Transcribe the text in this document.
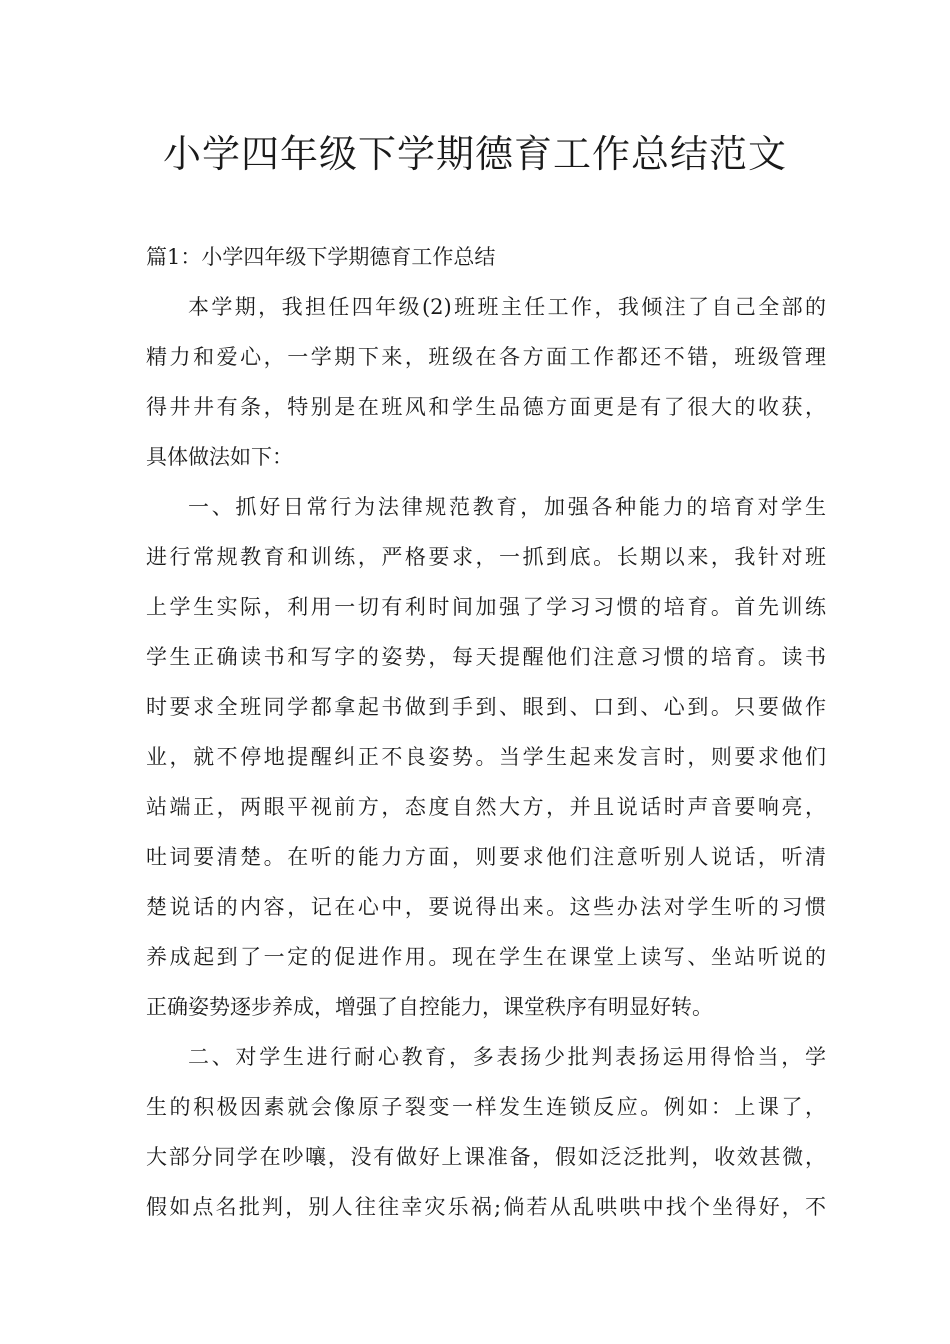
小学四年级下学期德育工作总结范文
篇1：小学四年级下学期德育工作总结
本学期，我担任四年级(2)班班主任工作，我倾注了自己全部的
精力和爱心，一学期下来，班级在各方面工作都还不错，班级管理
得井井有条，特别是在班风和学生品德方面更是有了很大的收获，
具体做法如下：
一、抓好日常行为法律规范教育，加强各种能力的培育对学生
进行常规教育和训练，严格要求，一抓到底。长期以来，我针对班
上学生实际，利用一切有利时间加强了学习习惯的培育。首先训练
学生正确读书和写字的姿势，每天提醒他们注意习惯的培育。读书
时要求全班同学都拿起书做到手到、眼到、口到、心到。只要做作
业，就不停地提醒纠正不良姿势。当学生起来发言时，则要求他们
站端正，两眼平视前方，态度自然大方，并且说话时声音要响亮，
吐词要清楚。在听的能力方面，则要求他们注意听别人说话，听清
楚说话的内容，记在心中，要说得出来。这些办法对学生听的习惯
养成起到了一定的促进作用。现在学生在课堂上读写、坐站听说的
正确姿势逐步养成，增强了自控能力，课堂秩序有明显好转。
二、对学生进行耐心教育，多表扬少批判表扬运用得恰当，学
生的积极因素就会像原子裂变一样发生连锁反应。例如：上课了，
大部分同学在吵嚷，没有做好上课准备，假如泛泛批判，收效甚微，
假如点名批判，别人往往幸灾乐祸;倘若从乱哄哄中找个坐得好，不
